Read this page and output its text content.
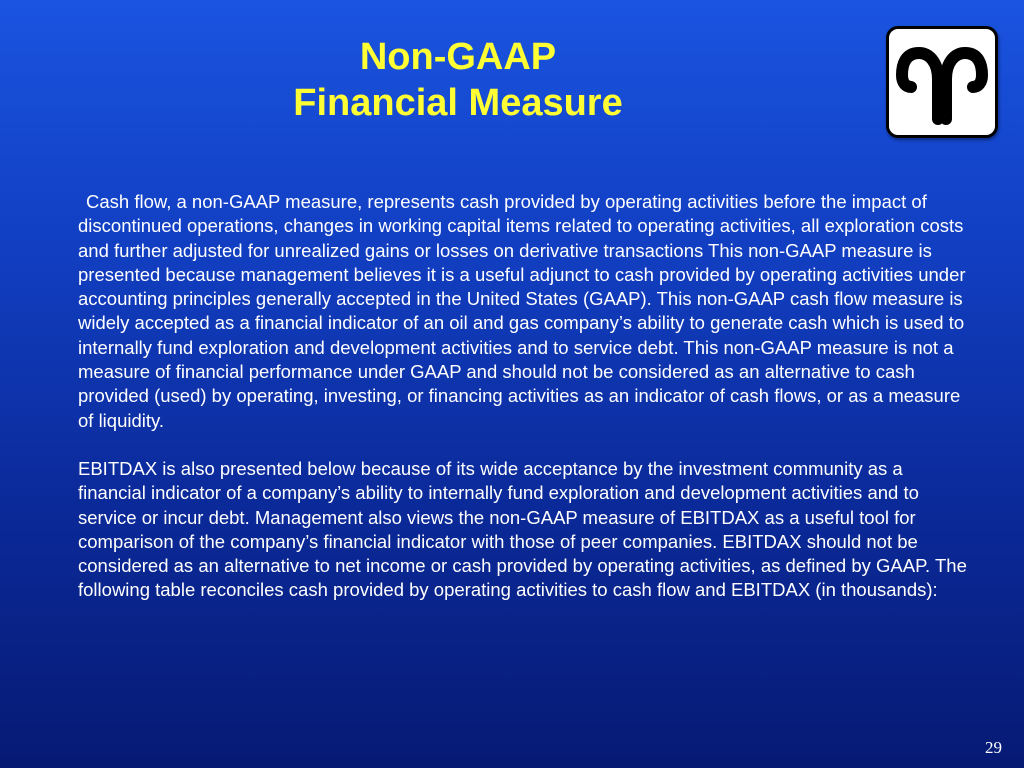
Non-GAAP
Financial Measure

Cash flow, a non-GAAP measure, represents cash provided by operating activities before the impact of discontinued operations, changes in working capital items related to operating activities, all exploration costs and further adjusted for unrealized gains or losses on derivative transactions This non-GAAP measure is presented because management believes it is a useful adjunct to cash provided by operating activities under accounting principles generally accepted in the United States (GAAP). This non-GAAP cash flow measure is widely accepted as a financial indicator of an oil and gas company’s ability to generate cash which is used to internally fund exploration and development activities and to service debt. This non-GAAP measure is not a measure of financial performance under GAAP and should not be considered as an alternative to cash provided (used) by operating, investing, or financing activities as an indicator of cash flows, or as a measure of liquidity.

EBITDAX is also presented below because of its wide acceptance by the investment community as a financial indicator of a company’s ability to internally fund exploration and development activities and to service or incur debt. Management also views the non-GAAP measure of EBITDAX as a useful tool for comparison of the company’s financial indicator with those of peer companies. EBITDAX should not be considered as an alternative to net income or cash provided by operating activities, as defined by GAAP. The following table reconciles cash provided by operating activities to cash flow and EBITDAX (in thousands):

29
